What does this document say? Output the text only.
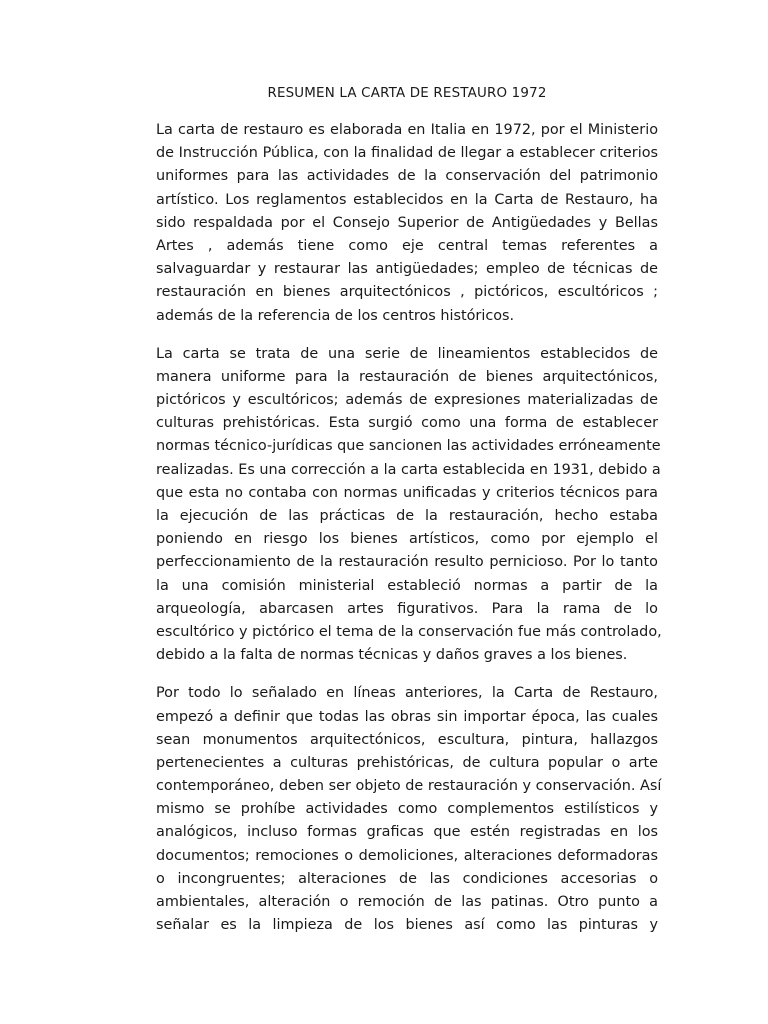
RESUMEN LA CARTA DE RESTAURO 1972
La carta de restauro es elaborada en Italia en 1972, por el Ministerio
de Instrucción Pública, con la finalidad de llegar a establecer criterios
uniformes para las actividades de la conservación del patrimonio
artístico. Los reglamentos establecidos en la Carta de Restauro, ha
sido respaldada por el Consejo Superior de Antigüedades y Bellas
Artes , además tiene como eje central temas referentes a
salvaguardar y restaurar las antigüedades; empleo de técnicas de
restauración en bienes arquitectónicos , pictóricos, escultóricos ;
además de la referencia de los centros históricos.
La carta se trata de una serie de lineamientos establecidos de
manera uniforme para la restauración de bienes arquitectónicos,
pictóricos y escultóricos; además de expresiones materializadas de
culturas prehistóricas. Esta surgió como una forma de establecer
normas técnico-jurídicas que sancionen las actividades erróneamente
realizadas. Es una corrección a la carta establecida en 1931, debido a
que esta no contaba con normas unificadas y criterios técnicos para
la ejecución de las prácticas de la restauración, hecho estaba
poniendo en riesgo los bienes artísticos, como por ejemplo el
perfeccionamiento de la restauración resulto pernicioso. Por lo tanto
la una comisión ministerial estableció normas a partir de la
arqueología, abarcasen artes figurativos. Para la rama de lo
escultórico y pictórico el tema de la conservación fue más controlado,
debido a la falta de normas técnicas y daños graves a los bienes.
Por todo lo señalado en líneas anteriores, la Carta de Restauro,
empezó a definir que todas las obras sin importar época, las cuales
sean monumentos arquitectónicos, escultura, pintura, hallazgos
pertenecientes a culturas prehistóricas, de cultura popular o arte
contemporáneo, deben ser objeto de restauración y conservación. Así
mismo se prohíbe actividades como complementos estilísticos y
analógicos, incluso formas graficas que estén registradas en los
documentos; remociones o demoliciones, alteraciones deformadoras
o incongruentes; alteraciones de las condiciones accesorias o
ambientales, alteración o remoción de las patinas. Otro punto a
señalar es la limpieza de los bienes así como las pinturas y
